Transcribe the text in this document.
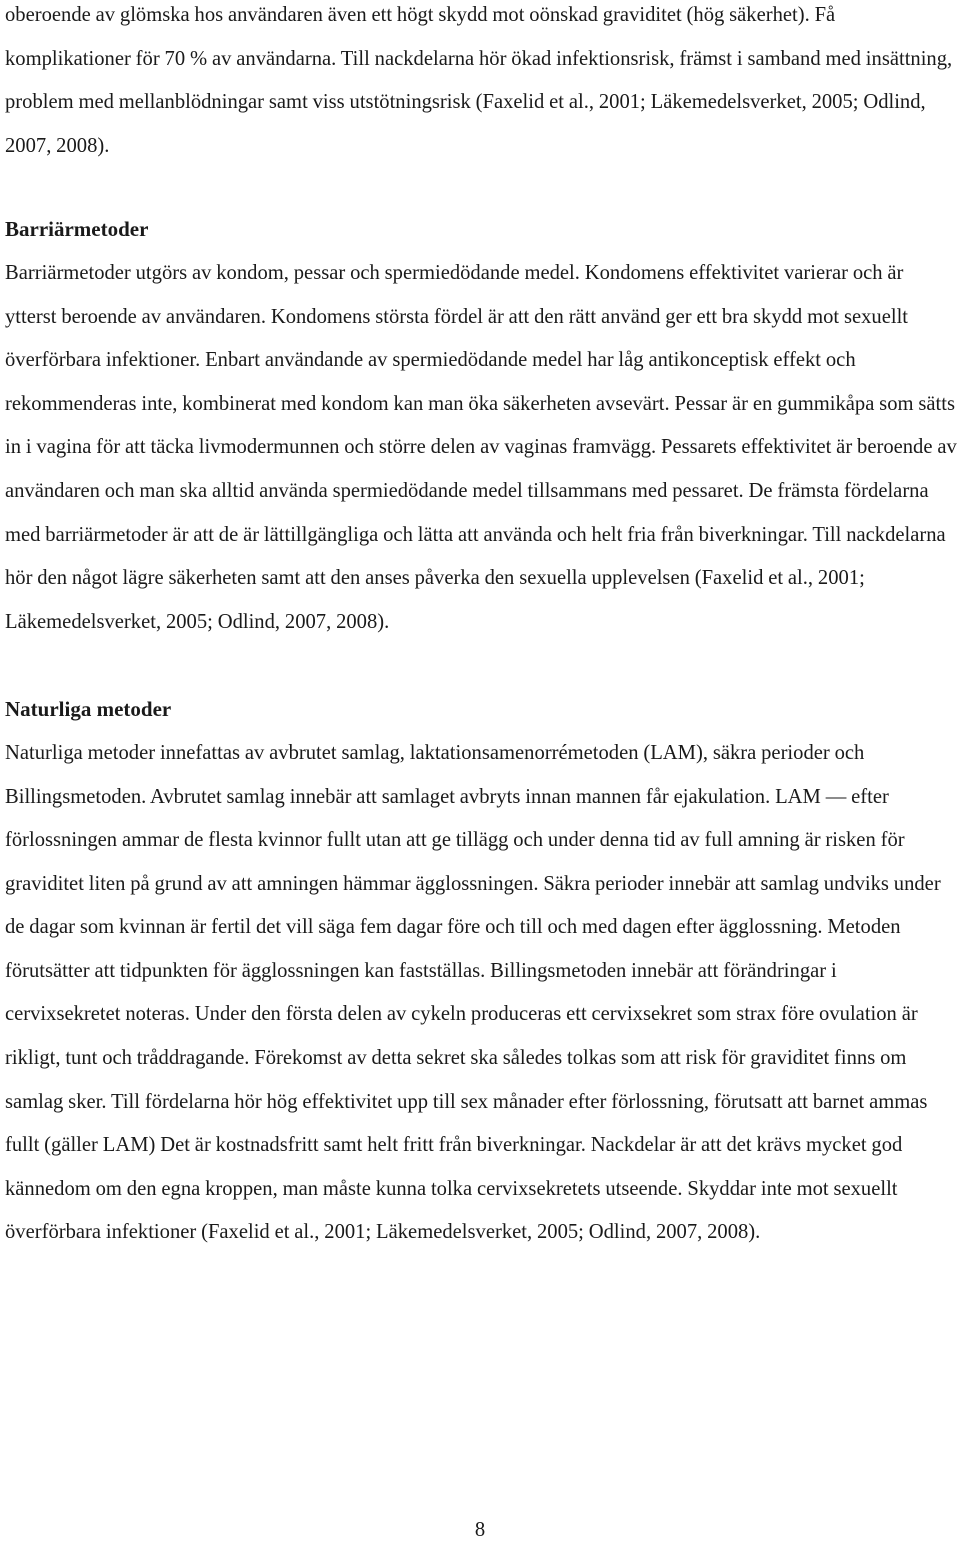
oberoende av glömska hos användaren även ett högt skydd mot oönskad graviditet (hög säkerhet). Få komplikationer för 70 % av användarna. Till nackdelarna hör ökad infektionsrisk, främst i samband med insättning, problem med mellanblödningar samt viss utstötningsrisk (Faxelid et al., 2001; Läkemedelsverket, 2005; Odlind, 2007, 2008).

Barriärmetoder

Barriärmetoder utgörs av kondom, pessar och spermiedödande medel. Kondomens effektivitet varierar och är ytterst beroende av användaren. Kondomens största fördel är att den rätt använd ger ett bra skydd mot sexuellt överförbara infektioner. Enbart användande av spermiedödande medel har låg antikonceptisk effekt och rekommenderas inte, kombinerat med kondom kan man öka säkerheten avsevärt. Pessar är en gummikåpa som sätts in i vagina för att täcka livmodermunnen och större delen av vaginas framvägg. Pessarets effektivitet är beroende av användaren och man ska alltid använda spermiedödande medel tillsammans med pessaret. De främsta fördelarna med barriärmetoder är att de är lättillgängliga och lätta att använda och helt fria från biverkningar. Till nackdelarna hör den något lägre säkerheten samt att den anses påverka den sexuella upplevelsen (Faxelid et al., 2001; Läkemedelsverket, 2005; Odlind, 2007, 2008).

Naturliga metoder

Naturliga metoder innefattas av avbrutet samlag, laktationsamenorrémetoden (LAM), säkra perioder och Billingsmetoden. Avbrutet samlag innebär att samlaget avbryts innan mannen får ejakulation. LAM — efter förlossningen ammar de flesta kvinnor fullt utan att ge tillägg och under denna tid av full amning är risken för graviditet liten på grund av att amningen hämmar ägglossningen. Säkra perioder innebär att samlag undviks under de dagar som kvinnan är fertil det vill säga fem dagar före och till och med dagen efter ägglossning. Metoden förutsätter att tidpunkten för ägglossningen kan fastställas. Billingsmetoden innebär att förändringar i cervixsekretet noteras. Under den första delen av cykeln produceras ett cervixsekret som strax före ovulation är rikligt, tunt och tråddragande. Förekomst av detta sekret ska således tolkas som att risk för graviditet finns om samlag sker. Till fördelarna hör hög effektivitet upp till sex månader efter förlossning, förutsatt att barnet ammas fullt (gäller LAM) Det är kostnadsfritt samt helt fritt från biverkningar. Nackdelar är att det krävs mycket god kännedom om den egna kroppen, man måste kunna tolka cervixsekretets utseende. Skyddar inte mot sexuellt överförbara infektioner (Faxelid et al., 2001; Läkemedelsverket, 2005; Odlind, 2007, 2008).

8
